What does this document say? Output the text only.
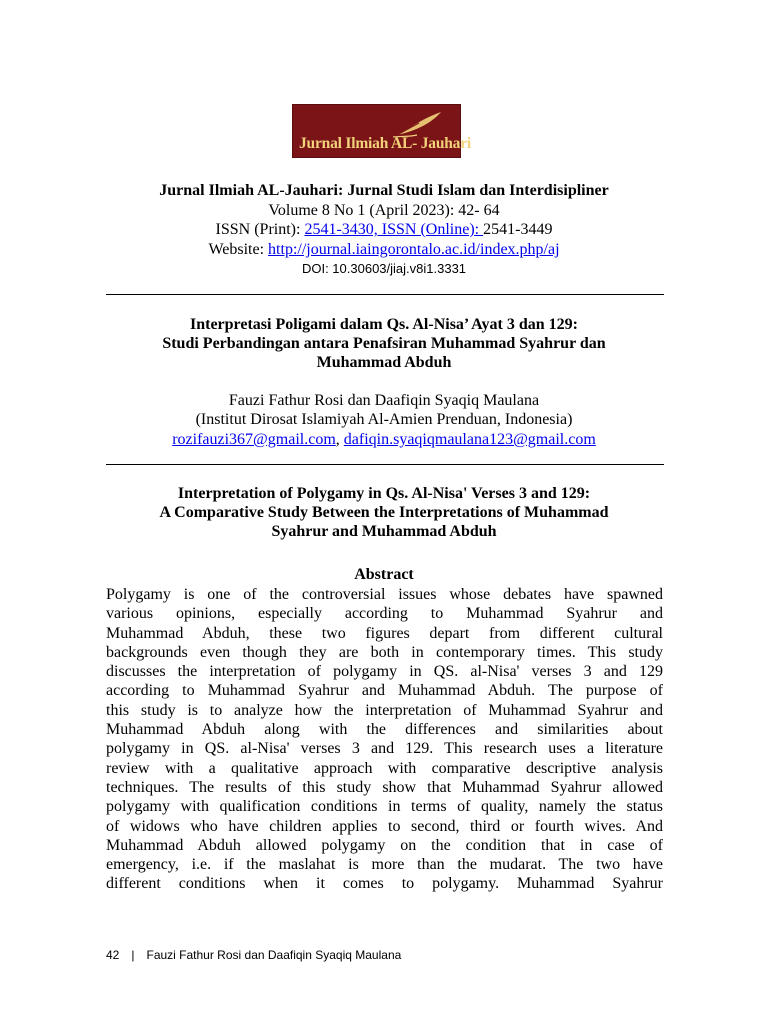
Jurnal Ilmiah AL- Jauhari
Jurnal Ilmiah AL-Jauhari: Jurnal Studi Islam dan Interdisipliner
Volume 8 No 1 (April 2023): 42- 64
ISSN (Print): 2541-3430, ISSN (Online): 2541-3449
Website: http://journal.iaingorontalo.ac.id/index.php/aj
DOI: 10.30603/jiaj.v8i1.3331
Interpretasi Poligami dalam Qs. Al-Nisa’ Ayat 3 dan 129:
Studi Perbandingan antara Penafsiran Muhammad Syahrur dan
Muhammad Abduh
Fauzi Fathur Rosi dan Daafiqin Syaqiq Maulana
(Institut Dirosat Islamiyah Al-Amien Prenduan, Indonesia)
rozifauzi367@gmail.com, dafiqin.syaqiqmaulana123@gmail.com
Interpretation of Polygamy in Qs. Al-Nisa' Verses 3 and 129:
A Comparative Study Between the Interpretations of Muhammad
Syahrur and Muhammad Abduh
Abstract
Polygamy is one of the controversial issues whose debates have spawned
various opinions, especially according to Muhammad Syahrur and
Muhammad Abduh, these two figures depart from different cultural
backgrounds even though they are both in contemporary times. This study
discusses the interpretation of polygamy in QS. al-Nisa' verses 3 and 129
according to Muhammad Syahrur and Muhammad Abduh. The purpose of
this study is to analyze how the interpretation of Muhammad Syahrur and
Muhammad Abduh along with the differences and similarities about
polygamy in QS. al-Nisa' verses 3 and 129. This research uses a literature
review with a qualitative approach with comparative descriptive analysis
techniques. The results of this study show that Muhammad Syahrur allowed
polygamy with qualification conditions in terms of quality, namely the status
of widows who have children applies to second, third or fourth wives. And
Muhammad Abduh allowed polygamy on the condition that in case of
emergency, i.e. if the maslahat is more than the mudarat. The two have
different conditions when it comes to polygamy. Muhammad Syahrur
42 | Fauzi Fathur Rosi dan Daafiqin Syaqiq Maulana
